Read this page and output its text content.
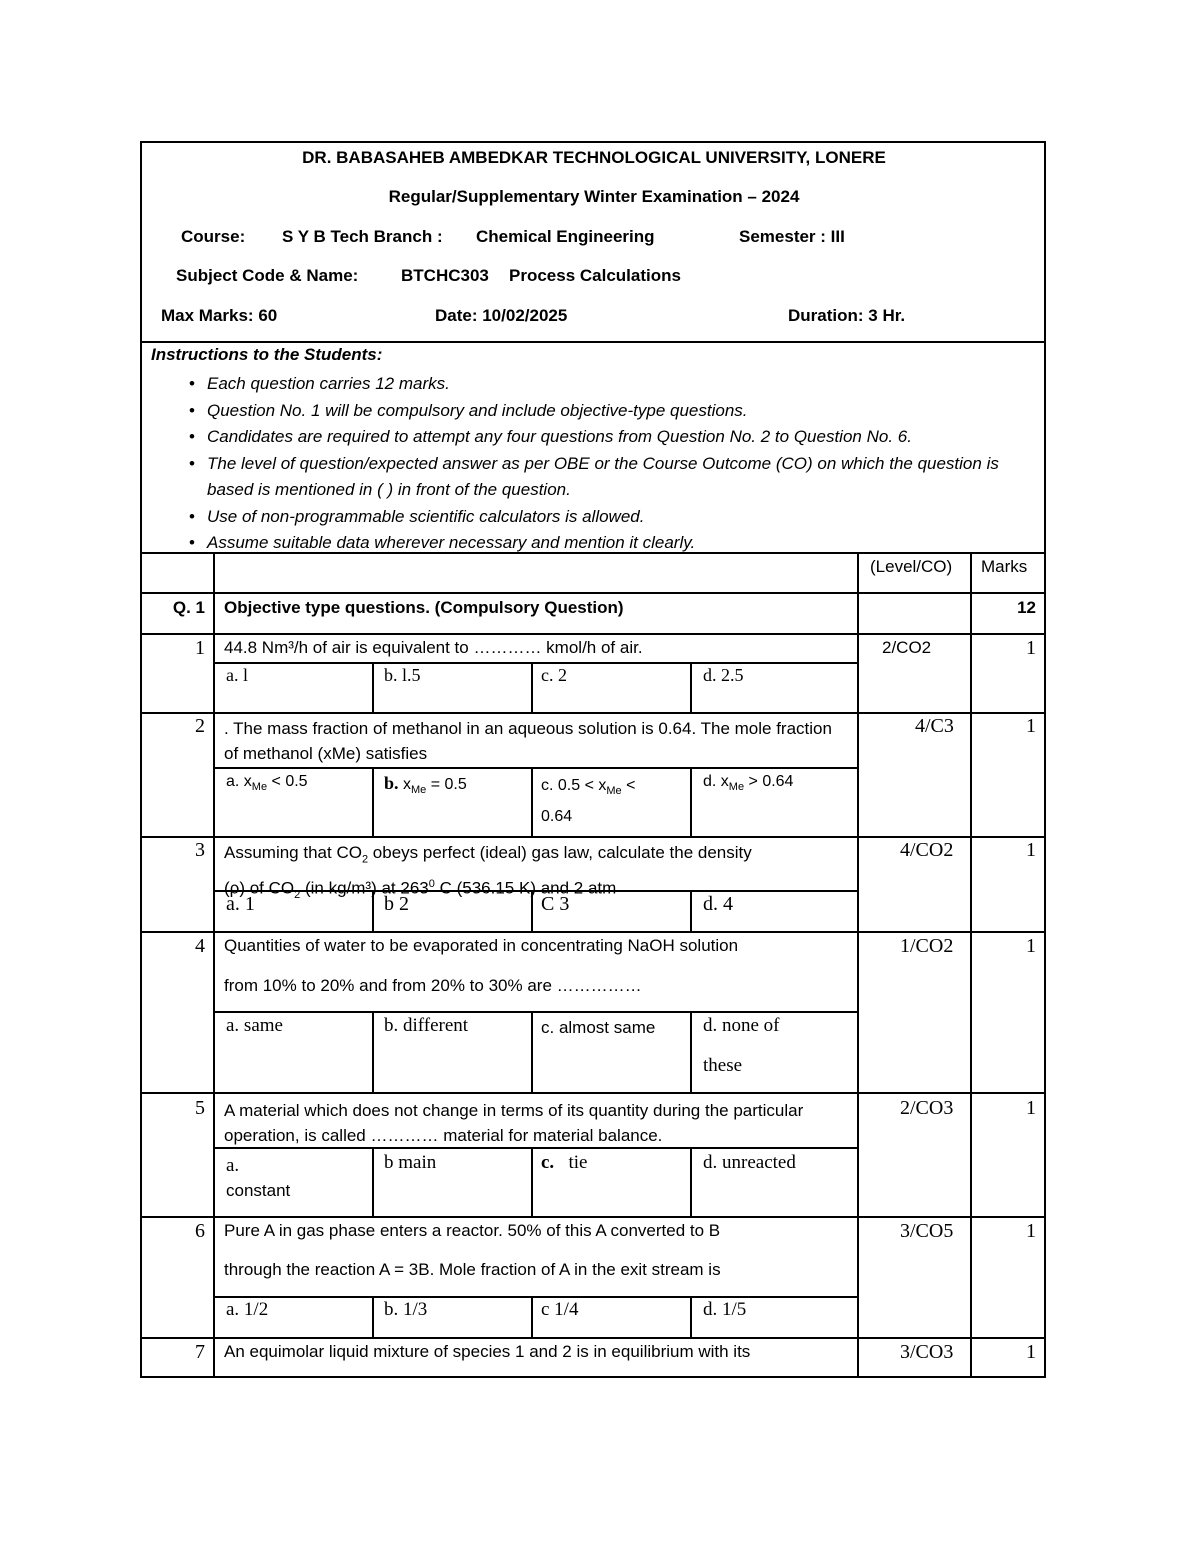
DR. BABASAHEB AMBEDKAR TECHNOLOGICAL UNIVERSITY, LONERE
Regular/Supplementary Winter Examination – 2024
Course: S Y B Tech Branch : Chemical Engineering	Semester : III
Subject Code & Name:	BTCHC303 Process Calculations
Max Marks: 60	Date: 10/02/2025	Duration: 3 Hr.
Instructions to the Students:
• Each question carries 12 marks.
• Question No. 1 will be compulsory and include objective-type questions.
• Candidates are required to attempt any four questions from Question No. 2 to Question No. 6.
• The level of question/expected answer as per OBE or the Course Outcome (CO) on which the question is based is mentioned in ( ) in front of the question.
• Use of non-programmable scientific calculators is allowed.
• Assume suitable data wherever necessary and mention it clearly.
(Level/CO) Marks
Q. 1 Objective type questions. (Compulsory Question)	12
1 44.8 Nm³/h of air is equivalent to ………… kmol/h of air.
a. l	b. l.5	c. 2	d. 2.5
2/CO2	1
2 . The mass fraction of methanol in an aqueous solution is 0.64. The mole fraction of methanol (xMe) satisfies
a. $x_{Me} < 0.5$	b. $x_{Me} = 0.5$	c. $0.5 < x_{Me}$ <
0.64
d. $x_{Me} > 0.64$
4/C3	1
3 Assuming that $CO_2$ obeys perfect (ideal) gas law, calculate the density
(ρ) of $CO_2$ (in kg/m³) at $263^0$ C (536.15 K) and 2 atm
a. 1	b 2	C 3	d. 4
4/CO2	1
4 Quantities of water to be evaporated in concentrating NaOH solution
from 10% to 20% and from 20% to 30% are ……………
a. same	b. different	c. almost same	d. none of
these
1/CO2	1
5 A material which does not change in terms of its quantity during the particular operation, is called ………… material for material balance.
a.
constant
b main	c. tie	d. unreacted
2/CO3	1
6 Pure A in gas phase enters a reactor. 50% of this A converted to B
through the reaction A = 3B. Mole fraction of A in the exit stream is
a. 1/2	b. 1/3	c 1/4	d. 1/5
3/CO5	1
7 An equimolar liquid mixture of species 1 and 2 is in equilibrium with its	3/CO3	1
